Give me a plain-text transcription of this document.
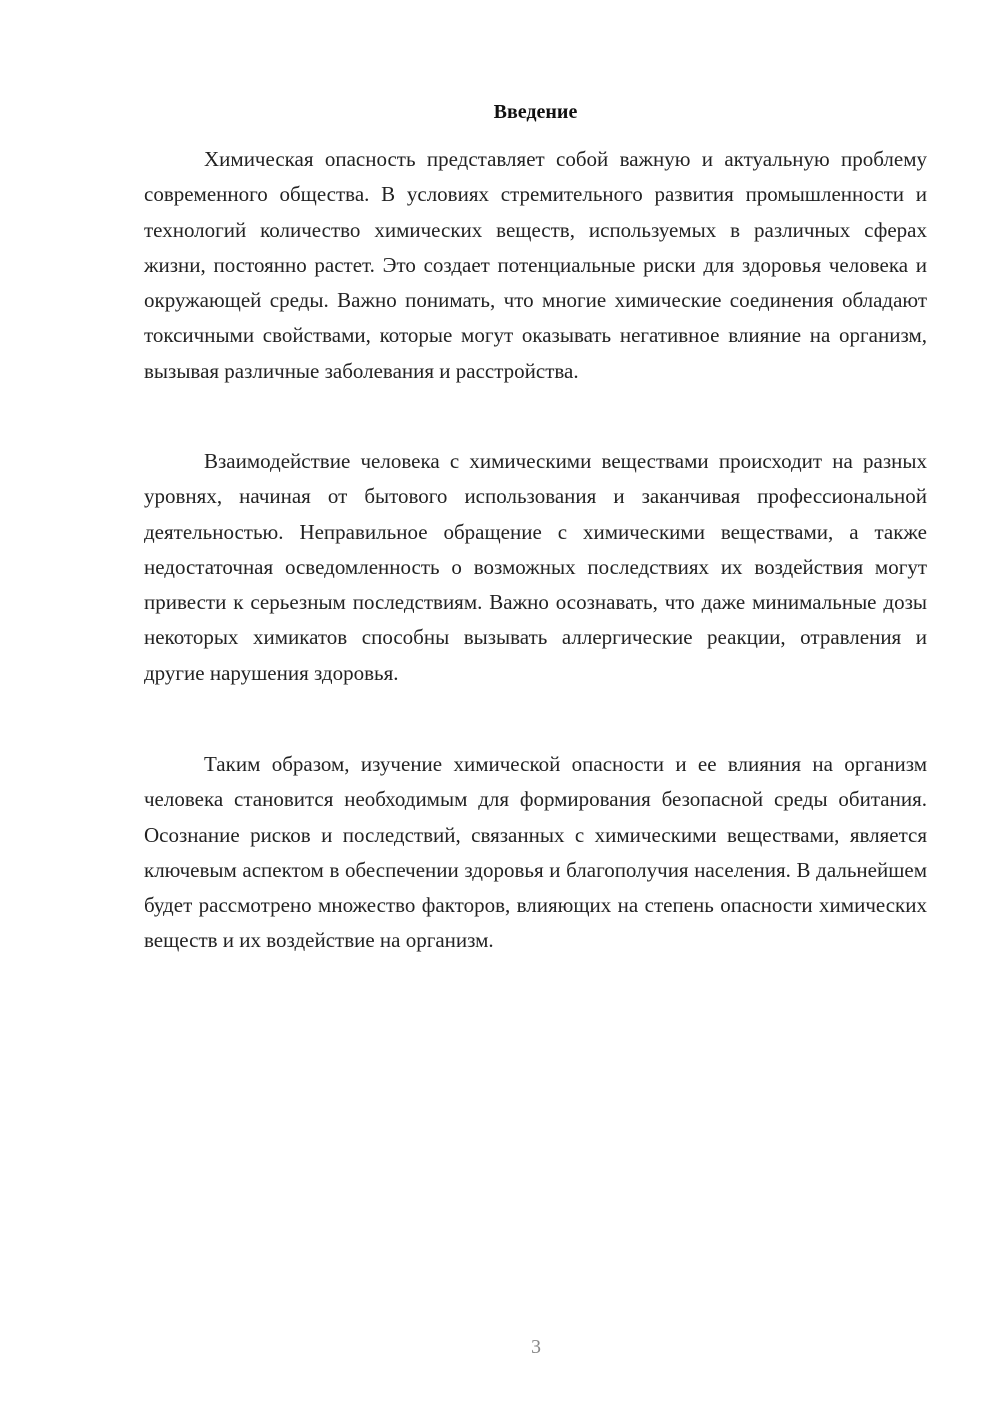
Введение

Химическая опасность представляет собой важную и актуальную проблему современного общества. В условиях стремительного развития промышленности и технологий количество химических веществ, используемых в различных сферах жизни, постоянно растет. Это создает потенциальные риски для здоровья человека и окружающей среды. Важно понимать, что многие химические соединения обладают токсичными свойствами, которые могут оказывать негативное влияние на организм, вызывая различные заболевания и расстройства.

Взаимодействие человека с химическими веществами происходит на разных уровнях, начиная от бытового использования и заканчивая профессиональной деятельностью. Неправильное обращение с химическими веществами, а также недостаточная осведомленность о возможных последствиях их воздействия могут привести к серьезным последствиям. Важно осознавать, что даже минимальные дозы некоторых химикатов способны вызывать аллергические реакции, отравления и другие нарушения здоровья.

Таким образом, изучение химической опасности и ее влияния на организм человека становится необходимым для формирования безопасной среды обитания. Осознание рисков и последствий, связанных с химическими веществами, является ключевым аспектом в обеспечении здоровья и благополучия населения. В дальнейшем будет рассмотрено множество факторов, влияющих на степень опасности химических веществ и их воздействие на организм.

3
